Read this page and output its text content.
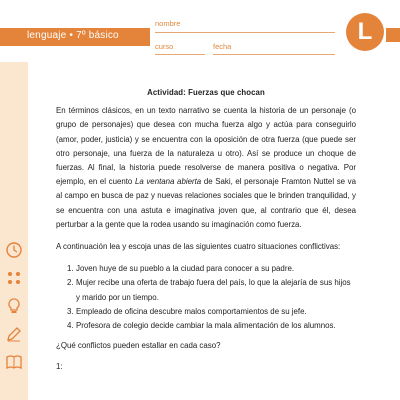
lenguaje • 7º básico
nombre
curso	fecha
L

Actividad: Fuerzas que chocan

En términos clásicos, en un texto narrativo se cuenta la historia de un personaje (o grupo de personajes) que desea con mucha fuerza algo y actúa para conseguirlo (amor, poder, justicia) y se encuentra con la oposición de otra fuerza (que puede ser otro personaje, una fuerza de la naturaleza u otro). Así se produce un choque de fuerzas. Al final, la historia puede resolverse de manera positiva o negativa. Por ejemplo, en el cuento La ventana abierta de Saki, el personaje Framton Nuttel se va al campo en busca de paz y nuevas relaciones sociales que le brinden tranquilidad, y se encuentra con una astuta e imaginativa joven que, al contrario que él, desea perturbar a la gente que la rodea usando su imaginación como fuerza.

A continuación lea y escoja unas de las siguientes cuatro situaciones conflictivas:

1. Joven huye de su pueblo a la ciudad para conocer a su padre.
2. Mujer recibe una oferta de trabajo fuera del país, lo que la alejaría de sus hijos y marido por un tiempo.
3. Empleado de oficina descubre malos comportamientos de su jefe.
4. Profesora de colegio decide cambiar la mala alimentación de los alumnos.

¿Qué conflictos pueden estallar en cada caso?

1:
